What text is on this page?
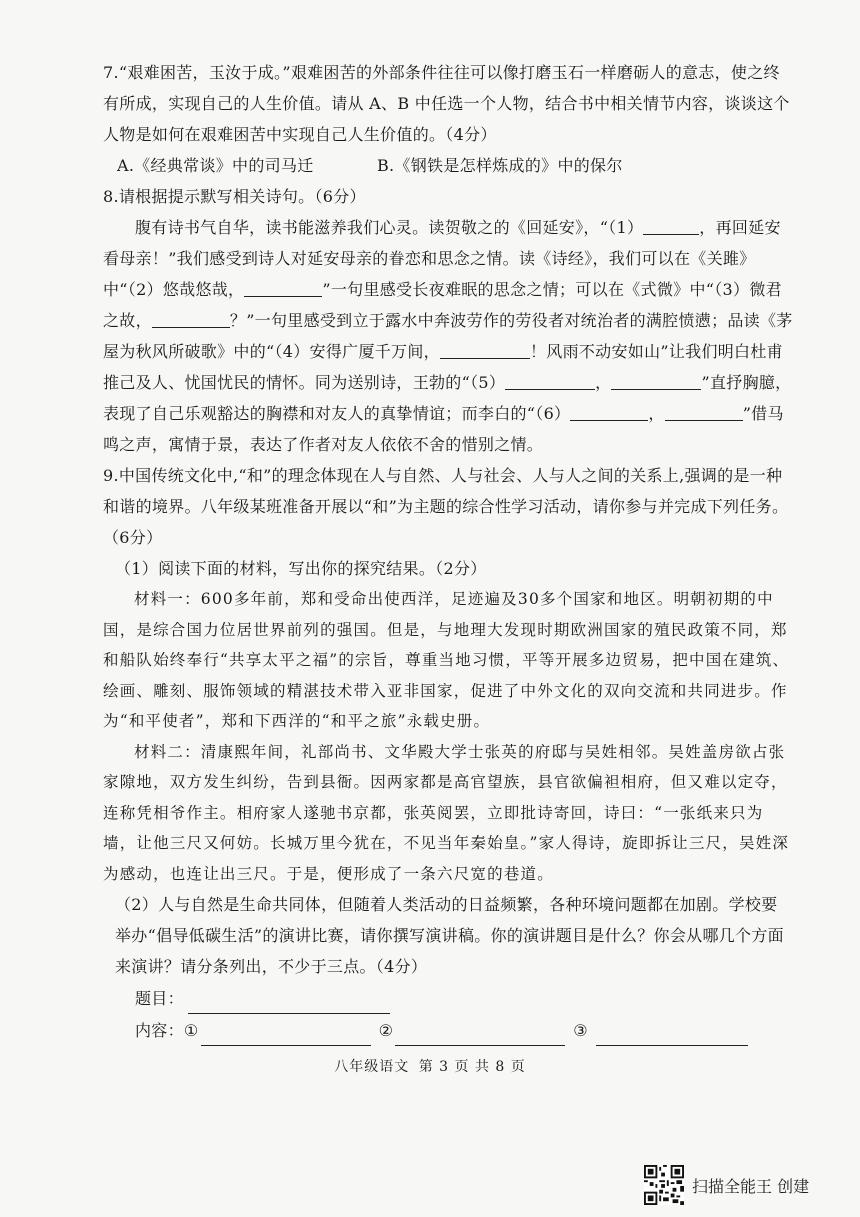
7.“艰难困苦，玉汝于成。”艰难困苦的外部条件往往可以像打磨玉石一样磨砺人的意志，使之终有所成，实现自己的人生价值。请从 A、B 中任选一个人物，结合书中相关情节内容，谈谈这个人物是如何在艰难困苦中实现自己人生价值的。（4分）

A.《经典常谈》中的司马迁	B.《钢铁是怎样炼成的》中的保尔

8.请根据提示默写相关诗句。（6分）

腹有诗书气自华，读书能滋养我们心灵。读贺敬之的《回延安》，“（1）	，再回延安看母亲！”我们感受到诗人对延安母亲的眷恋和思念之情。读《诗经》，我们可以在《关雎》中“（2）悠哉悠哉，	”一句里感受长夜难眠的思念之情；可以在《式微》中“（3）微君之故，	？”一句里感受到立于露水中奔波劳作的劳役者对统治者的满腔愤懑；品读《茅屋为秋风所破歌》中的“（4）安得广厦千万间，	！风雨不动安如山”让我们明白杜甫推己及人、忧国忧民的情怀。同为送别诗，王勃的“（5）	，	”直抒胸臆，表现了自己乐观豁达的胸襟和对友人的真挚情谊；而李白的“（6）	，	”借马鸣之声，寓情于景，表达了作者对友人依依不舍的惜别之情。

9.中国传统文化中,“和”的理念体现在人与自然、人与社会、人与人之间的关系上,强调的是一种和谐的境界。八年级某班准备开展以“和”为主题的综合性学习活动，请你参与并完成下列任务。（6分）

（1）阅读下面的材料，写出你的探究结果。（2分）

材料一：600多年前，郑和受命出使西洋，足迹遍及30多个国家和地区。明朝初期的中国，是综合国力位居世界前列的强国。但是，与地理大发现时期欧洲国家的殖民政策不同，郑和船队始终奉行“共享太平之福”的宗旨，尊重当地习惯，平等开展多边贸易，把中国在建筑、绘画、雕刻、服饰领域的精湛技术带入亚非国家，促进了中外文化的双向交流和共同进步。作为“和平使者”，郑和下西洋的“和平之旅”永载史册。

材料二：清康熙年间，礼部尚书、文华殿大学士张英的府邸与吴姓相邻。吴姓盖房欲占张家隙地，双方发生纠纷，告到县衙。因两家都是高官望族，县官欲偏袒相府，但又难以定夺，连称凭相爷作主。相府家人遂驰书京都，张英阅罢，立即批诗寄回，诗曰：“一张纸来只为墙，让他三尺又何妨。长城万里今犹在，不见当年秦始皇。”家人得诗，旋即拆让三尺，吴姓深为感动，也连让出三尺。于是，便形成了一条六尺宽的巷道。

（2）人与自然是生命共同体，但随着人类活动的日益频繁，各种环境问题都在加剧。学校要举办“倡导低碳生活”的演讲比赛，请你撰写演讲稿。你的演讲题目是什么？你会从哪几个方面来演讲？请分条列出，不少于三点。（4分）

题目：
内容： ①	②	③
八年级语文 第 3 页 共 8 页
扫描全能王 创建
